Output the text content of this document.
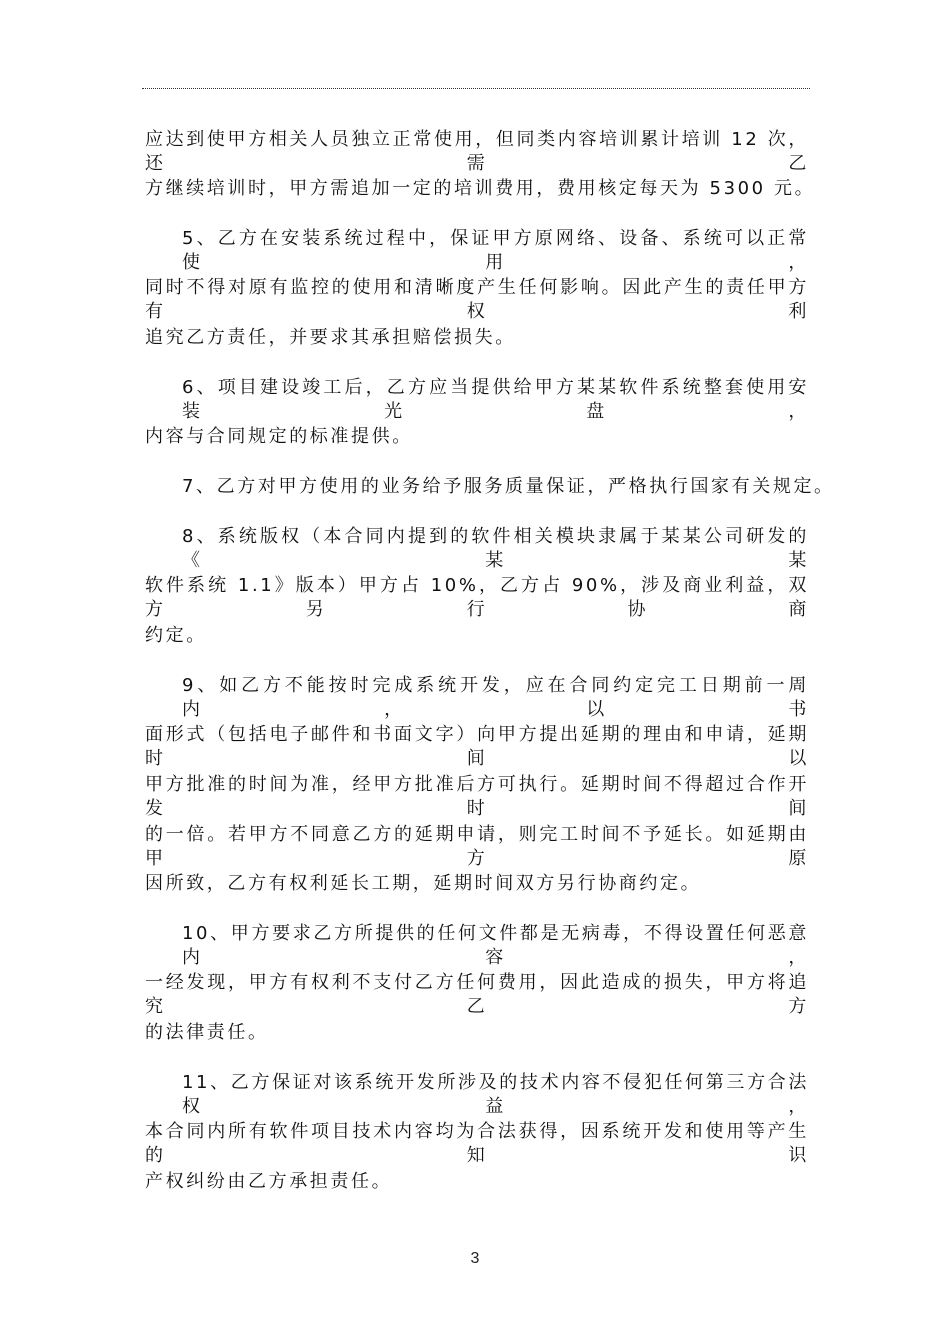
应达到使甲方相关人员独立正常使用，但同类内容培训累计培训 12 次，还需乙
方继续培训时，甲方需追加一定的培训费用，费用核定每天为 5300 元。
5、乙方在安装系统过程中，保证甲方原网络、设备、系统可以正常使用，
同时不得对原有监控的使用和清晰度产生任何影响。因此产生的责任甲方有权利
追究乙方责任，并要求其承担赔偿损失。
6、项目建设竣工后，乙方应当提供给甲方某某软件系统整套使用安装光盘，
内容与合同规定的标准提供。
7、乙方对甲方使用的业务给予服务质量保证，严格执行国家有关规定。
8、系统版权（本合同内提到的软件相关模块隶属于某某公司研发的《某某
软件系统 1.1》版本）甲方占 10%，乙方占 90%，涉及商业利益，双方另行协商
约定。
9、如乙方不能按时完成系统开发，应在合同约定完工日期前一周内，以书
面形式（包括电子邮件和书面文字）向甲方提出延期的理由和申请，延期时间以
甲方批准的时间为准，经甲方批准后方可执行。延期时间不得超过合作开发时间
的一倍。若甲方不同意乙方的延期申请，则完工时间不予延长。如延期由甲方原
因所致，乙方有权利延长工期，延期时间双方另行协商约定。
10、甲方要求乙方所提供的任何文件都是无病毒，不得设置任何恶意内容，
一经发现，甲方有权利不支付乙方任何费用，因此造成的损失，甲方将追究乙方
的法律责任。
11、乙方保证对该系统开发所涉及的技术内容不侵犯任何第三方合法权益，
本合同内所有软件项目技术内容均为合法获得，因系统开发和使用等产生的知识
产权纠纷由乙方承担责任。
3
